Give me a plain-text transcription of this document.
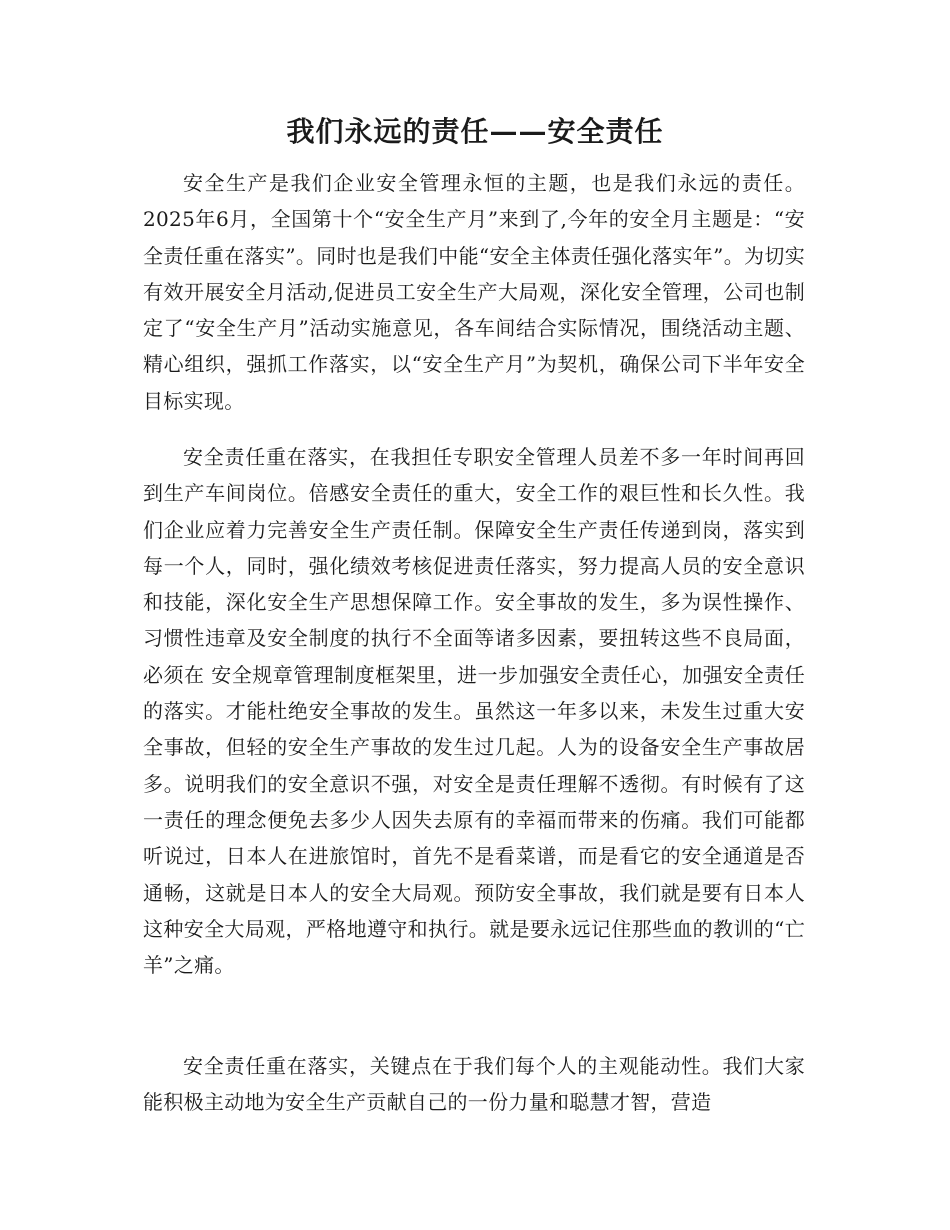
我们永远的责任——安全责任

安全生产是我们企业安全管理永恒的主题，也是我们永远的责任。2025年6月，全国第十个“安全生产月”来到了,今年的安全月主题是：“安全责任重在落实”。同时也是我们中能“安全主体责任强化落实年”。为切实有效开展安全月活动,促进员工安全生产大局观，深化安全管理，公司也制定了“安全生产月”活动实施意见，各车间结合实际情况，围绕活动主题、精心组织，强抓工作落实，以“安全生产月”为契机，确保公司下半年安全目标实现。

安全责任重在落实，在我担任专职安全管理人员差不多一年时间再回到生产车间岗位。倍感安全责任的重大，安全工作的艰巨性和长久性。我们企业应着力完善安全生产责任制。保障安全生产责任传递到岗，落实到每一个人，同时，强化绩效考核促进责任落实，努力提高人员的安全意识和技能，深化安全生产思想保障工作。安全事故的发生，多为误性操作、习惯性违章及安全制度的执行不全面等诸多因素，要扭转这些不良局面，必须在 安全规章管理制度框架里，进一步加强安全责任心，加强安全责任的落实。才能杜绝安全事故的发生。虽然这一年多以来，未发生过重大安全事故，但轻的安全生产事故的发生过几起。人为的设备安全生产事故居多。说明我们的安全意识不强，对安全是责任理解不透彻。有时候有了这一责任的理念便免去多少人因失去原有的幸福而带来的伤痛。我们可能都听说过，日本人在进旅馆时，首先不是看菜谱，而是看它的安全通道是否通畅，这就是日本人的安全大局观。预防安全事故，我们就是要有日本人这种安全大局观，严格地遵守和执行。就是要永远记住那些血的教训的“亡羊”之痛。

安全责任重在落实，关键点在于我们每个人的主观能动性。我们大家能积极主动地为安全生产贡献自己的一份力量和聪慧才智，营造
